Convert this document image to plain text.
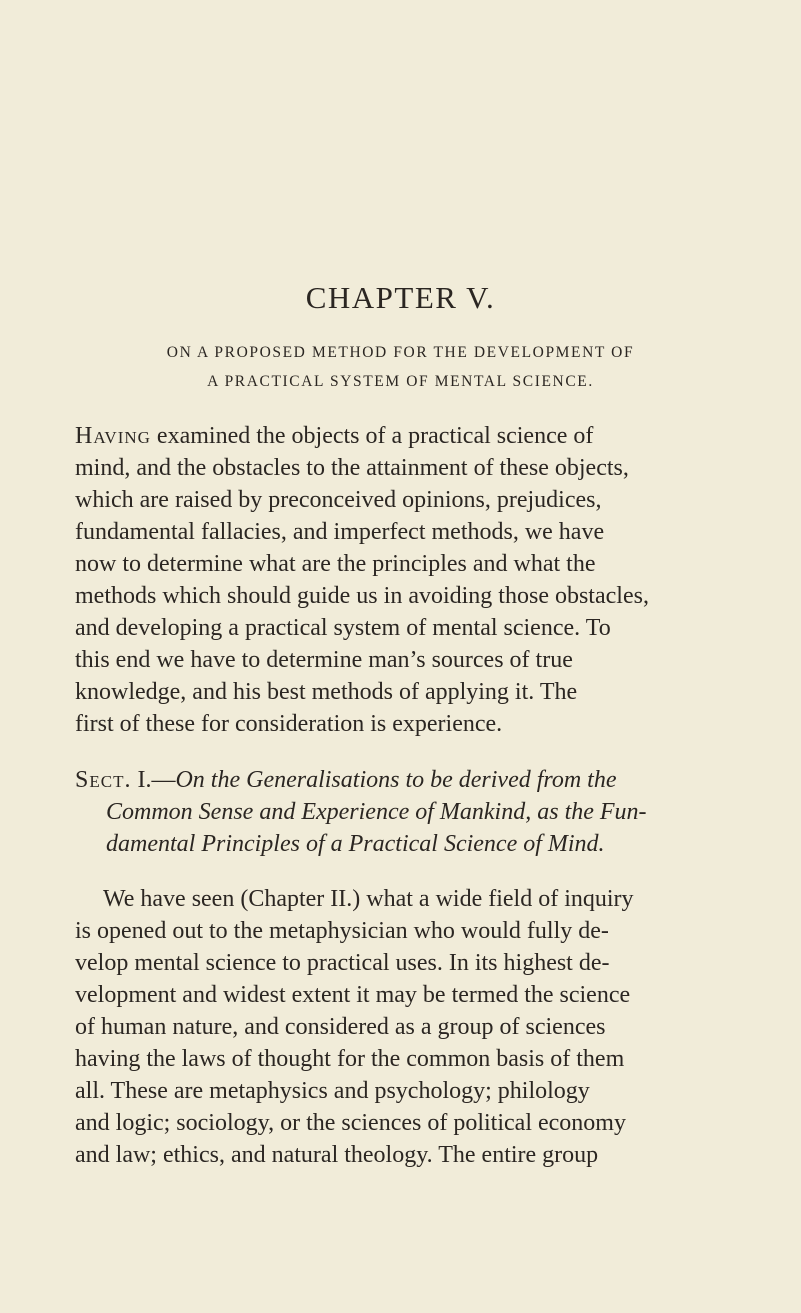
CHAPTER V.
ON A PROPOSED METHOD FOR THE DEVELOPMENT OF
A PRACTICAL SYSTEM OF MENTAL SCIENCE.
Having examined the objects of a practical science of
mind, and the obstacles to the attainment of these objects,
which are raised by preconceived opinions, prejudices,
fundamental fallacies, and imperfect methods, we have
now to determine what are the principles and what the
methods which should guide us in avoiding those obstacles,
and developing a practical system of mental science. To
this end we have to determine man’s sources of true
knowledge, and his best methods of applying it. The
first of these for consideration is experience.
Sect. I.—On the Generalisations to be derived from the
Common Sense and Experience of Mankind, as the Fun-
damental Principles of a Practical Science of Mind.
We have seen (Chapter II.) what a wide field of inquiry
is opened out to the metaphysician who would fully de-
velop mental science to practical uses. In its highest de-
velopment and widest extent it may be termed the science
of human nature, and considered as a group of sciences
having the laws of thought for the common basis of them
all. These are metaphysics and psychology; philology
and logic; sociology, or the sciences of political economy
and law; ethics, and natural theology. The entire group
